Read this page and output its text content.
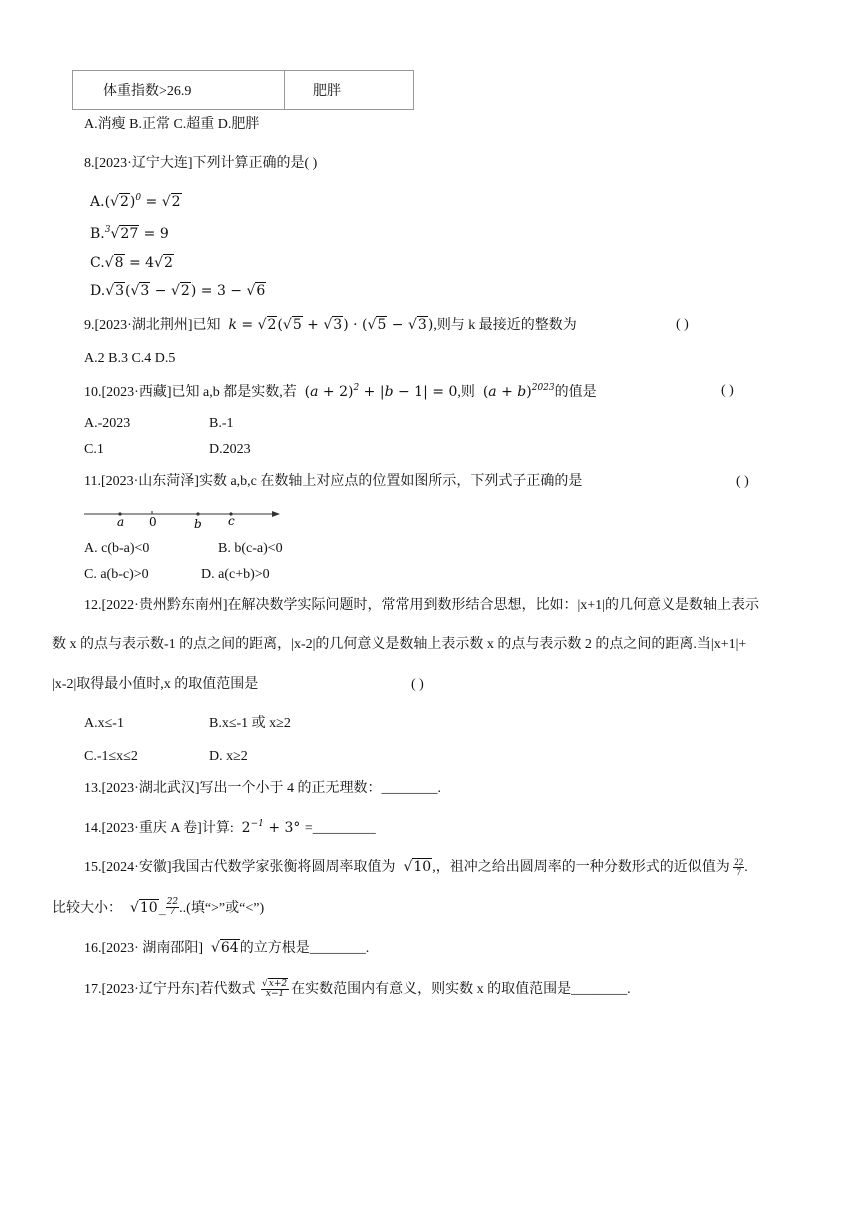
体重指数>26.9	肥胖
A.消瘦 B.正常 C.超重 D.肥胖
8.[2023·辽宁大连]下列计算正确的是( )
$A.(√2)^0 = √2$
B.$^3$√27 = 9
C.√8 = 4√2
D.√3(√3 − √2) = 3 − √6
9.[2023·湖北荆州]已知  k = √2(√5 + √3) · (√5 − √3),则与 k 最接近的整数为	( )
A.2 B.3 C.4 D.5
10.[2023·西藏]已知 a,b 都是实数,若 $(a + 2)^2 + |b - 1| = 0$,则 $(a + b)^{2023}$的值是	( )
A.-2023	B.-1
C.1	D.2023
11.[2023·山东菏泽]实数 a,b,c 在数轴上对应点的位置如图所示，下列式子正确的是	( )
a 0	b c
A. c(b-a)<0	B. b(c-a)<0
C. a(b-c)>0	D. a(c+b)>0
12.[2022·贵州黔东南州]在解决数学实际问题时，常常用到数形结合思想，比如：|x+1|的几何意义是数轴上表示
数 x 的点与表示数-1 的点之间的距离，|x-2|的几何意义是数轴上表示数 x 的点与表示数 2 的点之间的距离.当|x+1|+
|x-2|取得最小值时,x 的取值范围是	( )
A.x≤-1	B.x≤-1 或 x≥2
C.-1≤x≤2	D. x≥2
13.[2023·湖北武汉]写出一个小于 4 的正无理数：________.
14.[2023·重庆 A 卷]计算: $2^{-1} + 3^\circ$ =_________
15.[2024·安徽]我国古代数学家张衡将圆周率取值为 √10,，祖冲之给出圆周率的一种分数形式的近似值为 $\frac{22}{7}$ .
比较大小： √10_ $\frac{22}{7}$ ..(填“>”或“<”)
16.[2023· 湖南邵阳] √64的立方根是________.
17.[2023·辽宁丹东]若代数式 $\frac{√x+2}{x-1}$ 在实数范围内有意义，则实数 x 的取值范围是________.
